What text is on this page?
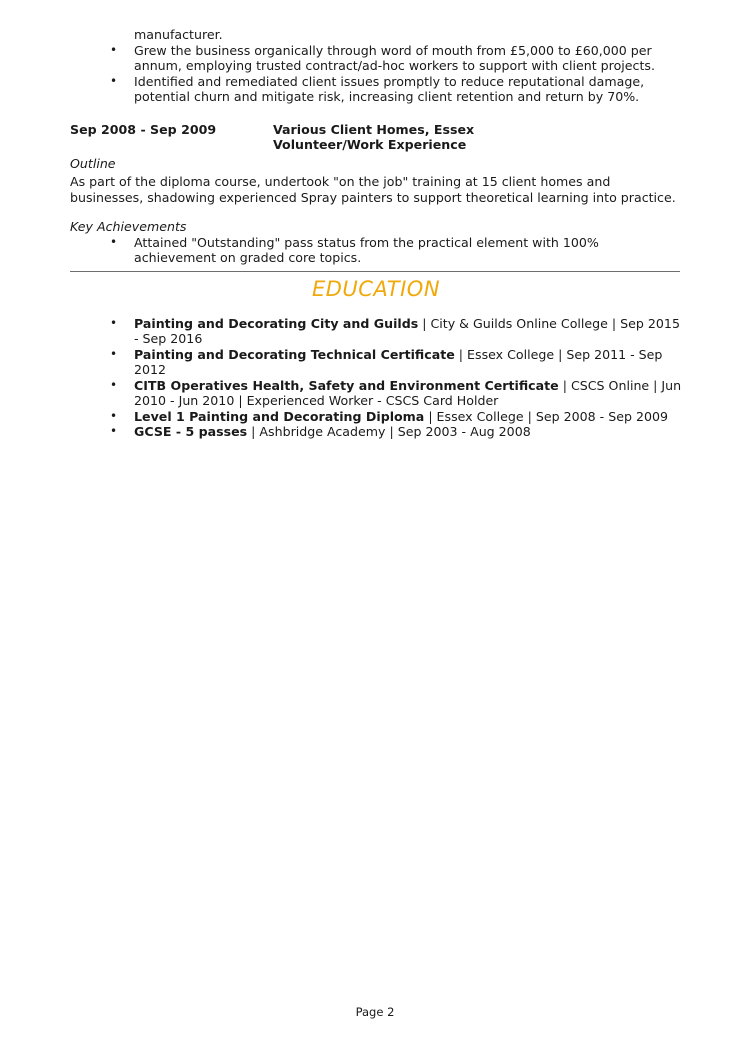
manufacturer.
• Grew the business organically through word of mouth from £5,000 to £60,000 per annum, employing trusted contract/ad-hoc workers to support with client projects.
• Identified and remediated client issues promptly to reduce reputational damage, potential churn and mitigate risk, increasing client retention and return by 70%.
Sep 2008 - Sep 2009	Various Client Homes, Essex
Volunteer/Work Experience
Outline
As part of the diploma course, undertook "on the job" training at 15 client homes and businesses, shadowing experienced Spray painters to support theoretical learning into practice.
Key Achievements
• Attained "Outstanding" pass status from the practical element with 100% achievement on graded core topics.
EDUCATION
• Painting and Decorating City and Guilds | City & Guilds Online College | Sep 2015 - Sep 2016
• Painting and Decorating Technical Certificate | Essex College | Sep 2011 - Sep 2012
• CITB Operatives Health, Safety and Environment Certificate | CSCS Online | Jun 2010 - Jun 2010 | Experienced Worker - CSCS Card Holder
• Level 1 Painting and Decorating Diploma | Essex College | Sep 2008 - Sep 2009
• GCSE - 5 passes | Ashbridge Academy | Sep 2003 - Aug 2008
Page 2
